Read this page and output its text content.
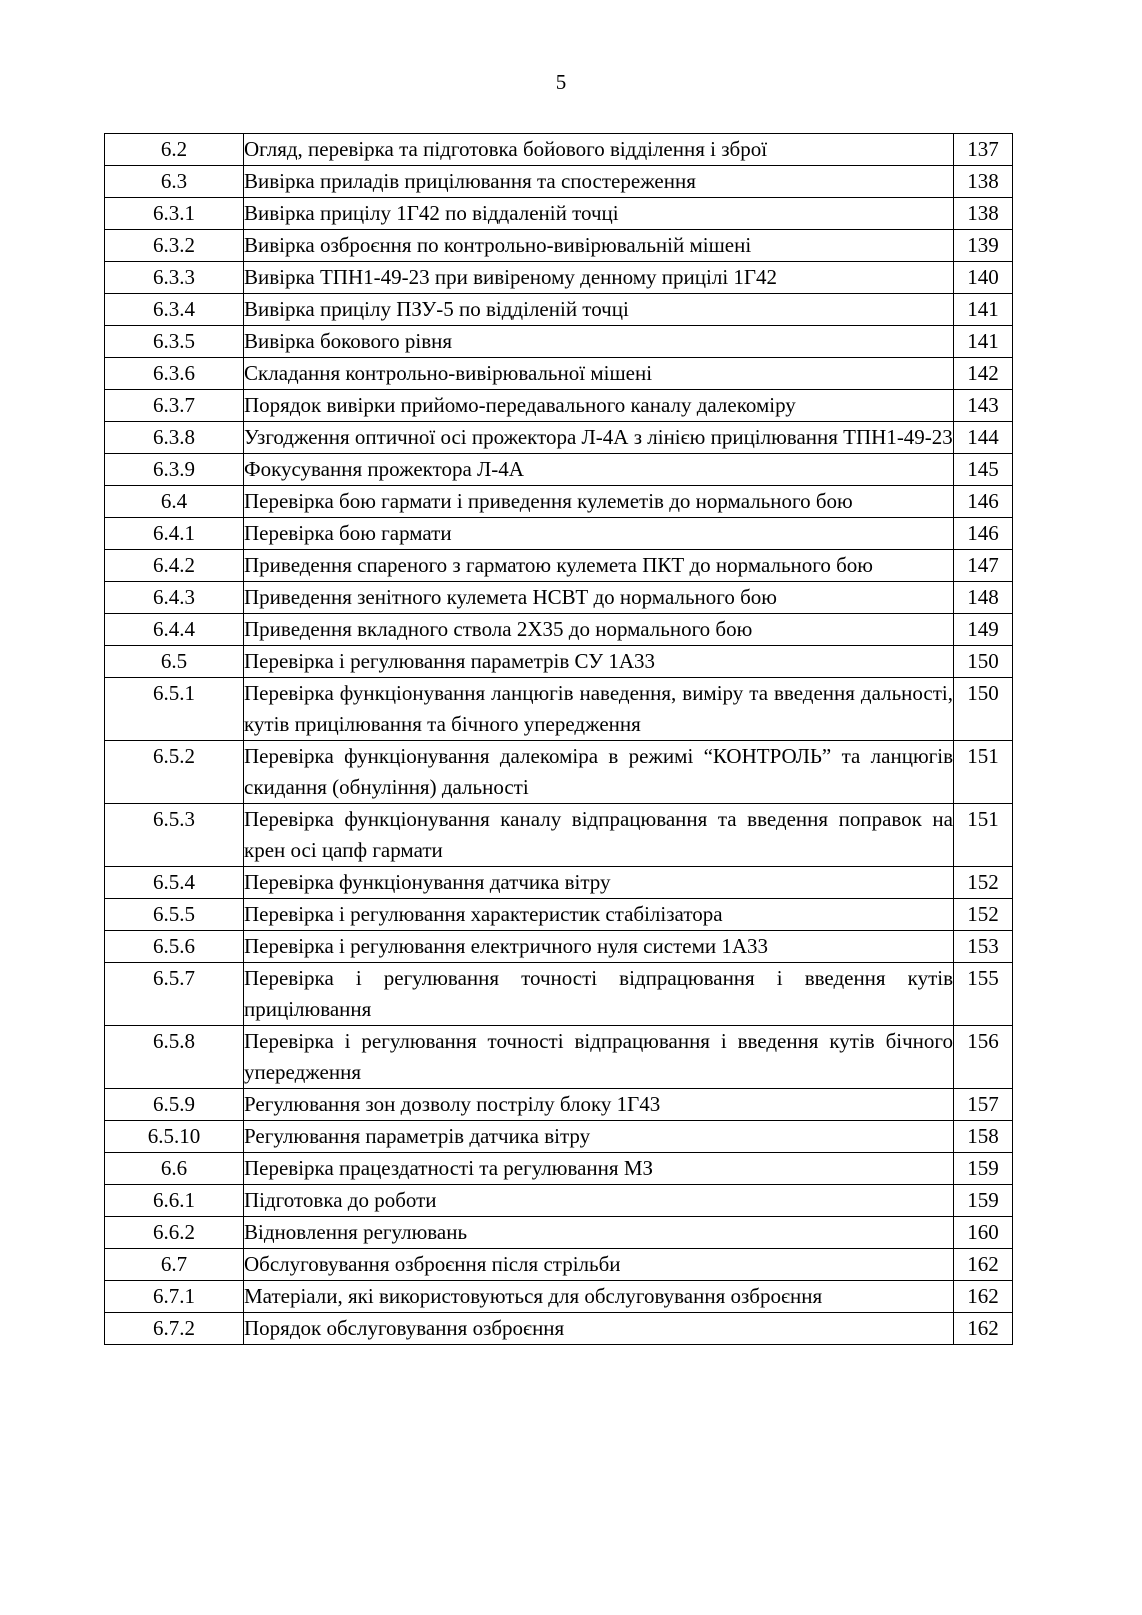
5
6.2	Огляд, перевірка та підготовка бойового відділення і зброї	137
6.3	Вивірка приладів прицілювання та спостереження	138
6.3.1	Вивірка прицілу 1Г42 по віддаленій точці	138
6.3.2	Вивірка озброєння по контрольно-вивірювальній мішені	139
6.3.3	Вивірка ТПН1-49-23 при вивіреному денному прицілі 1Г42	140
6.3.4	Вивірка прицілу ПЗУ-5 по відділеній точці	141
6.3.5	Вивірка бокового рівня	141
6.3.6	Складання контрольно-вивірювальної мішені	142
6.3.7	Порядок вивірки прийомо-передавального каналу далекоміру	143
6.3.8	Узгодження оптичної осі прожектора Л-4А з лінією прицілювання ТПН1-49-23	144
6.3.9	Фокусування прожектора Л-4А	145
6.4	Перевірка бою гармати і приведення кулеметів до нормального бою	146
6.4.1	Перевірка бою гармати	146
6.4.2	Приведення спареного з гарматою кулемета ПКТ до нормального бою	147
6.4.3	Приведення зенітного кулемета НСВТ до нормального бою	148
6.4.4	Приведення вкладного ствола 2Х35 до нормального бою	149
6.5	Перевірка і регулювання параметрів СУ 1А33	150
6.5.1	Перевірка функціонування ланцюгів наведення, виміру та введення дальності, кутів прицілювання та бічного упередження	150
6.5.2	Перевірка функціонування далекоміра в режимі “КОНТРОЛЬ” та ланцюгів скидання (обнуління) дальності	151
6.5.3	Перевірка функціонування каналу відпрацювання та введення поправок на крен осі цапф гармати	151
6.5.4	Перевірка функціонування датчика вітру	152
6.5.5	Перевірка і регулювання характеристик стабілізатора	152
6.5.6	Перевірка і регулювання електричного нуля системи 1А33	153
6.5.7	Перевірка і регулювання точності відпрацювання і введення кутів прицілювання	155
6.5.8	Перевірка і регулювання точності відпрацювання і введення кутів бічного упередження	156
6.5.9	Регулювання зон дозволу пострілу блоку 1Г43	157
6.5.10	Регулювання параметрів датчика вітру	158
6.6	Перевірка працездатності та регулювання МЗ	159
6.6.1	Підготовка до роботи	159
6.6.2	Відновлення регулювань	160
6.7	Обслуговування озброєння після стрільби	162
6.7.1	Матеріали, які використовуються для обслуговування озброєння	162
6.7.2	Порядок обслуговування озброєння	162
